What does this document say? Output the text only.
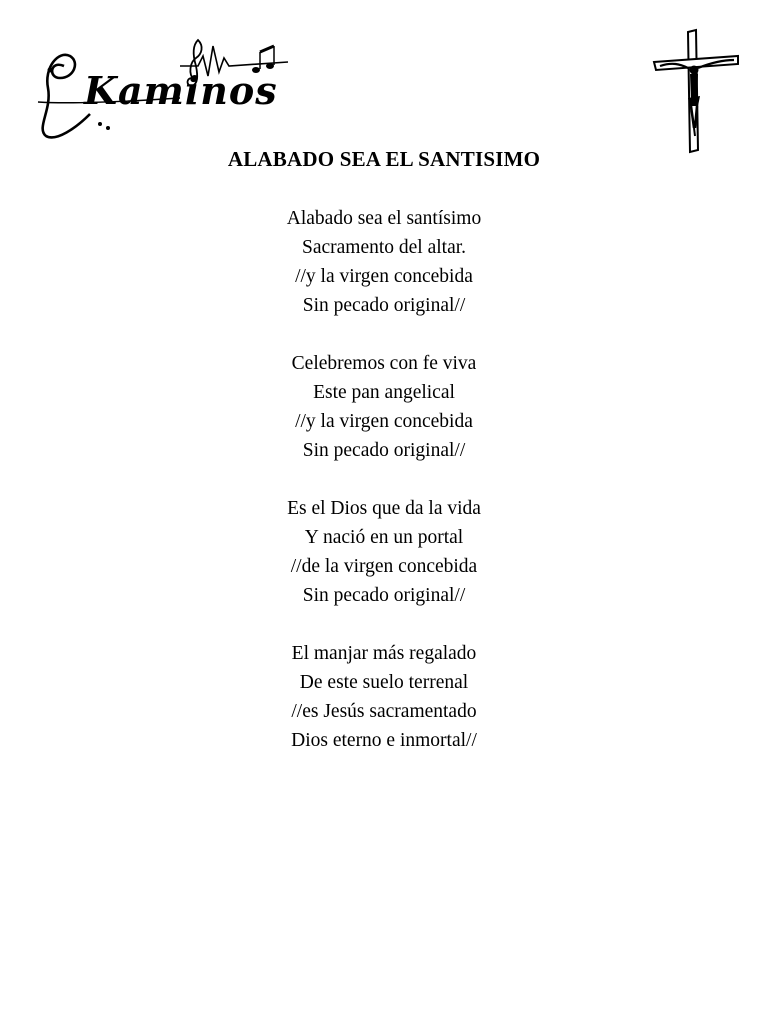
Kaminos
ALABADO SEA EL SANTISIMO
Alabado sea el santísimo
Sacramento del altar.
//y la virgen concebida
Sin pecado original//
Celebremos con fe viva
Este pan angelical
//y la virgen concebida
Sin pecado original//
Es el Dios que da la vida
Y nació en un portal
//de la virgen concebida
Sin pecado original//
El manjar más regalado
De este suelo terrenal
//es Jesús sacramentado
Dios eterno e inmortal//
